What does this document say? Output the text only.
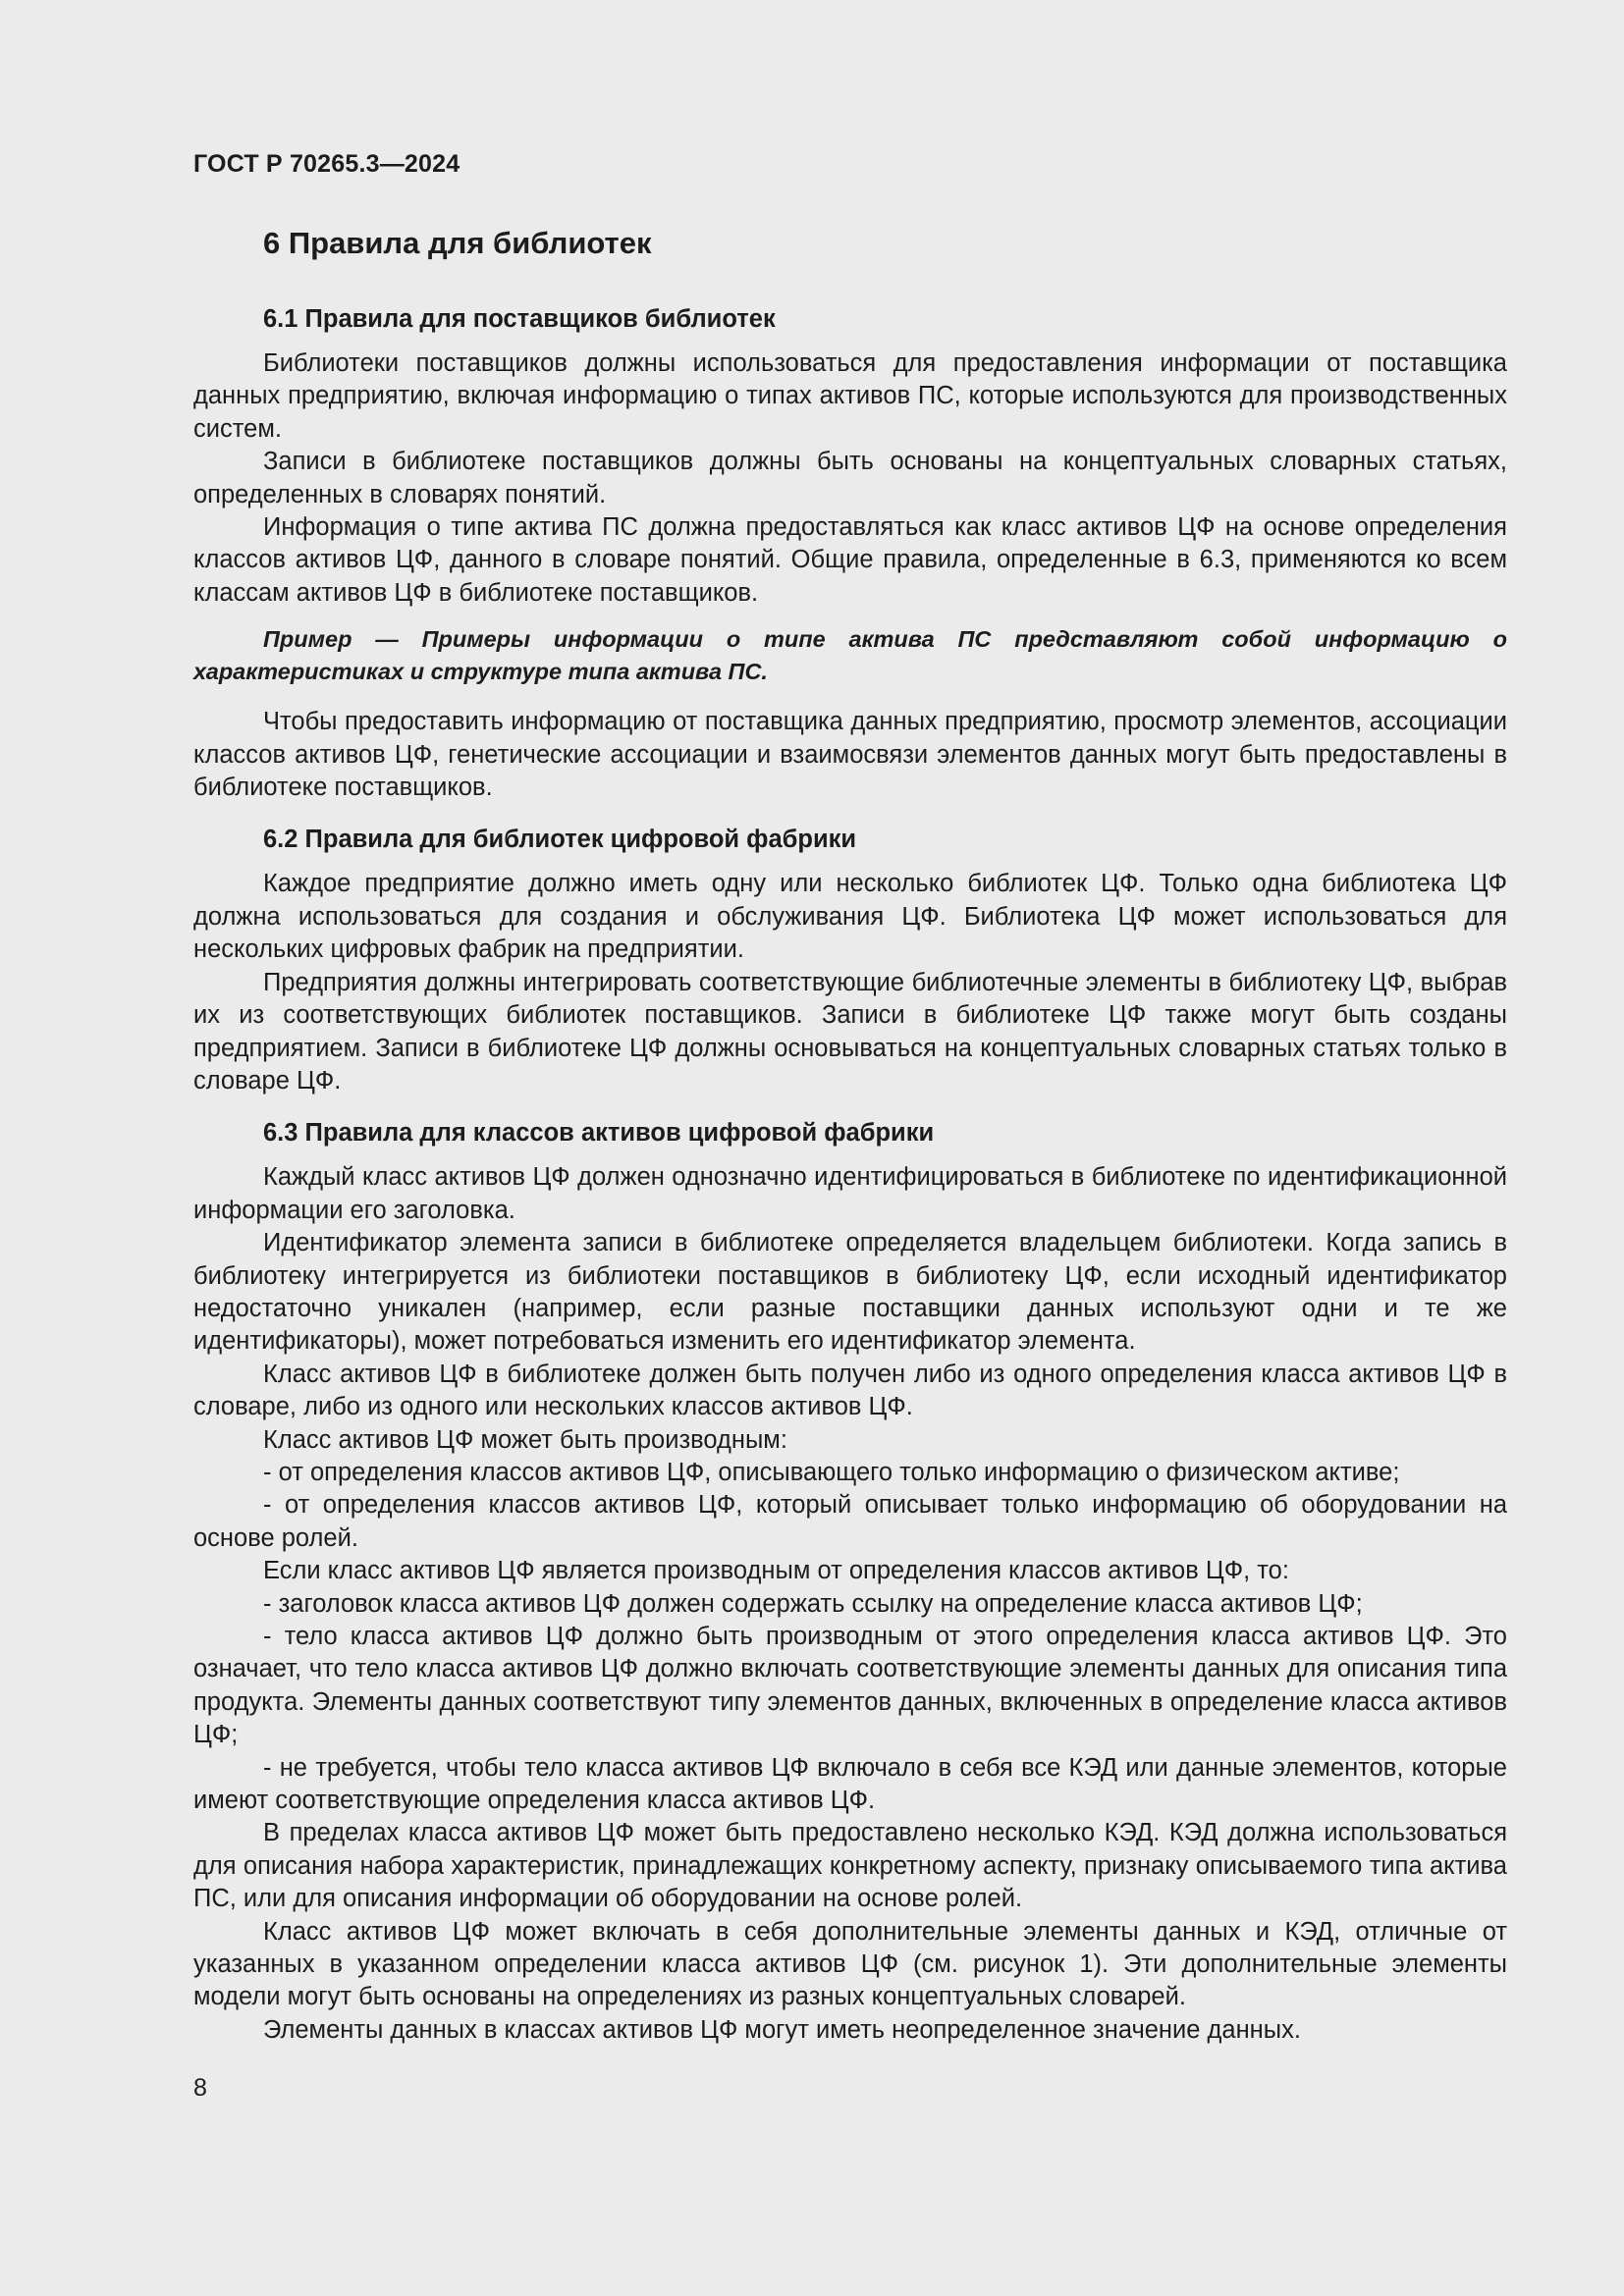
ГОСТ Р 70265.3—2024
6 Правила для библиотек
6.1 Правила для поставщиков библиотек

Библиотеки поставщиков должны использоваться для предоставления информации от поставщика данных предприятию, включая информацию о типах активов ПС, которые используются для производственных систем.

Записи в библиотеке поставщиков должны быть основаны на концептуальных словарных статьях, определенных в словарях понятий.

Информация о типе актива ПС должна предоставляться как класс активов ЦФ на основе определения классов активов ЦФ, данного в словаре понятий. Общие правила, определенные в 6.3, применяются ко всем классам активов ЦФ в библиотеке поставщиков.

Пример — Примеры информации о типе актива ПС представляют собой информацию о характеристиках и структуре типа актива ПС.

Чтобы предоставить информацию от поставщика данных предприятию, просмотр элементов, ассоциации классов активов ЦФ, генетические ассоциации и взаимосвязи элементов данных могут быть предоставлены в библиотеке поставщиков.

6.2 Правила для библиотек цифровой фабрики

Каждое предприятие должно иметь одну или несколько библиотек ЦФ. Только одна библиотека ЦФ должна использоваться для создания и обслуживания ЦФ. Библиотека ЦФ может использоваться для нескольких цифровых фабрик на предприятии.

Предприятия должны интегрировать соответствующие библиотечные элементы в библиотеку ЦФ, выбрав их из соответствующих библиотек поставщиков. Записи в библиотеке ЦФ также могут быть созданы предприятием. Записи в библиотеке ЦФ должны основываться на концептуальных словарных статьях только в словаре ЦФ.

6.3 Правила для классов активов цифровой фабрики

Каждый класс активов ЦФ должен однозначно идентифицироваться в библиотеке по идентификационной информации его заголовка.

Идентификатор элемента записи в библиотеке определяется владельцем библиотеки. Когда запись в библиотеку интегрируется из библиотеки поставщиков в библиотеку ЦФ, если исходный идентификатор недостаточно уникален (например, если разные поставщики данных используют одни и те же идентификаторы), может потребоваться изменить его идентификатор элемента.

Класс активов ЦФ в библиотеке должен быть получен либо из одного определения класса активов ЦФ в словаре, либо из одного или нескольких классов активов ЦФ.

Класс активов ЦФ может быть производным:

- от определения классов активов ЦФ, описывающего только информацию о физическом активе;

- от определения классов активов ЦФ, который описывает только информацию об оборудовании на основе ролей.

Если класс активов ЦФ является производным от определения классов активов ЦФ, то:

- заголовок класса активов ЦФ должен содержать ссылку на определение класса активов ЦФ;

- тело класса активов ЦФ должно быть производным от этого определения класса активов ЦФ. Это означает, что тело класса активов ЦФ должно включать соответствующие элементы данных для описания типа продукта. Элементы данных соответствуют типу элементов данных, включенных в определение класса активов ЦФ;

- не требуется, чтобы тело класса активов ЦФ включало в себя все КЭД или данные элементов, которые имеют соответствующие определения класса активов ЦФ.

В пределах класса активов ЦФ может быть предоставлено несколько КЭД. КЭД должна использоваться для описания набора характеристик, принадлежащих конкретному аспекту, признаку описываемого типа актива ПС, или для описания информации об оборудовании на основе ролей.

Класс активов ЦФ может включать в себя дополнительные элементы данных и КЭД, отличные от указанных в указанном определении класса активов ЦФ (см. рисунок 1). Эти дополнительные элементы модели могут быть основаны на определениях из разных концептуальных словарей.

Элементы данных в классах активов ЦФ могут иметь неопределенное значение данных.

8
